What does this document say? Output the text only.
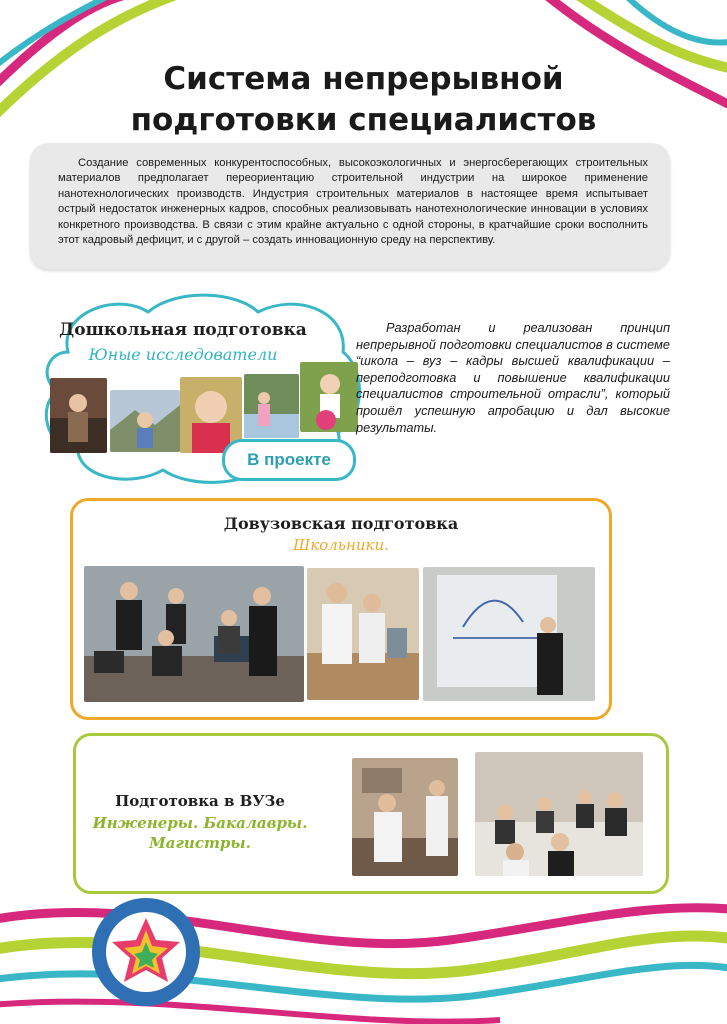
Система непрерывной
подготовки специалистов

Создание современных конкурентоспособных, высокоэкологичных и энергосберегающих строительных материалов предполагает переориентацию строительной индустрии на широкое применение нанотехнологических производств. Индустрия строительных материалов в настоящее время испытывает острый недостаток инженерных кадров, способных реализовывать нанотехнологические инновации в условиях конкретного производства. В связи с этим крайне актуально с одной стороны, в кратчайшие сроки восполнить этот кадровый дефицит, и с другой – создать инновационную среду на перспективу.

Дошкольная подготовка
Юные исследователи
В проекте
Разработан и реализован принцип непрерывной подготовки специалистов в системе “школа – вуз – кадры высшей квалификации – переподготовка и повышение квалификации специалистов строительной отрасли”, который прошёл успешную апробацию и дал высокие результаты.
Довузовская подготовка
Школьники.
Подготовка в ВУЗе
Инженеры. Бакалавры.
Магистры.
